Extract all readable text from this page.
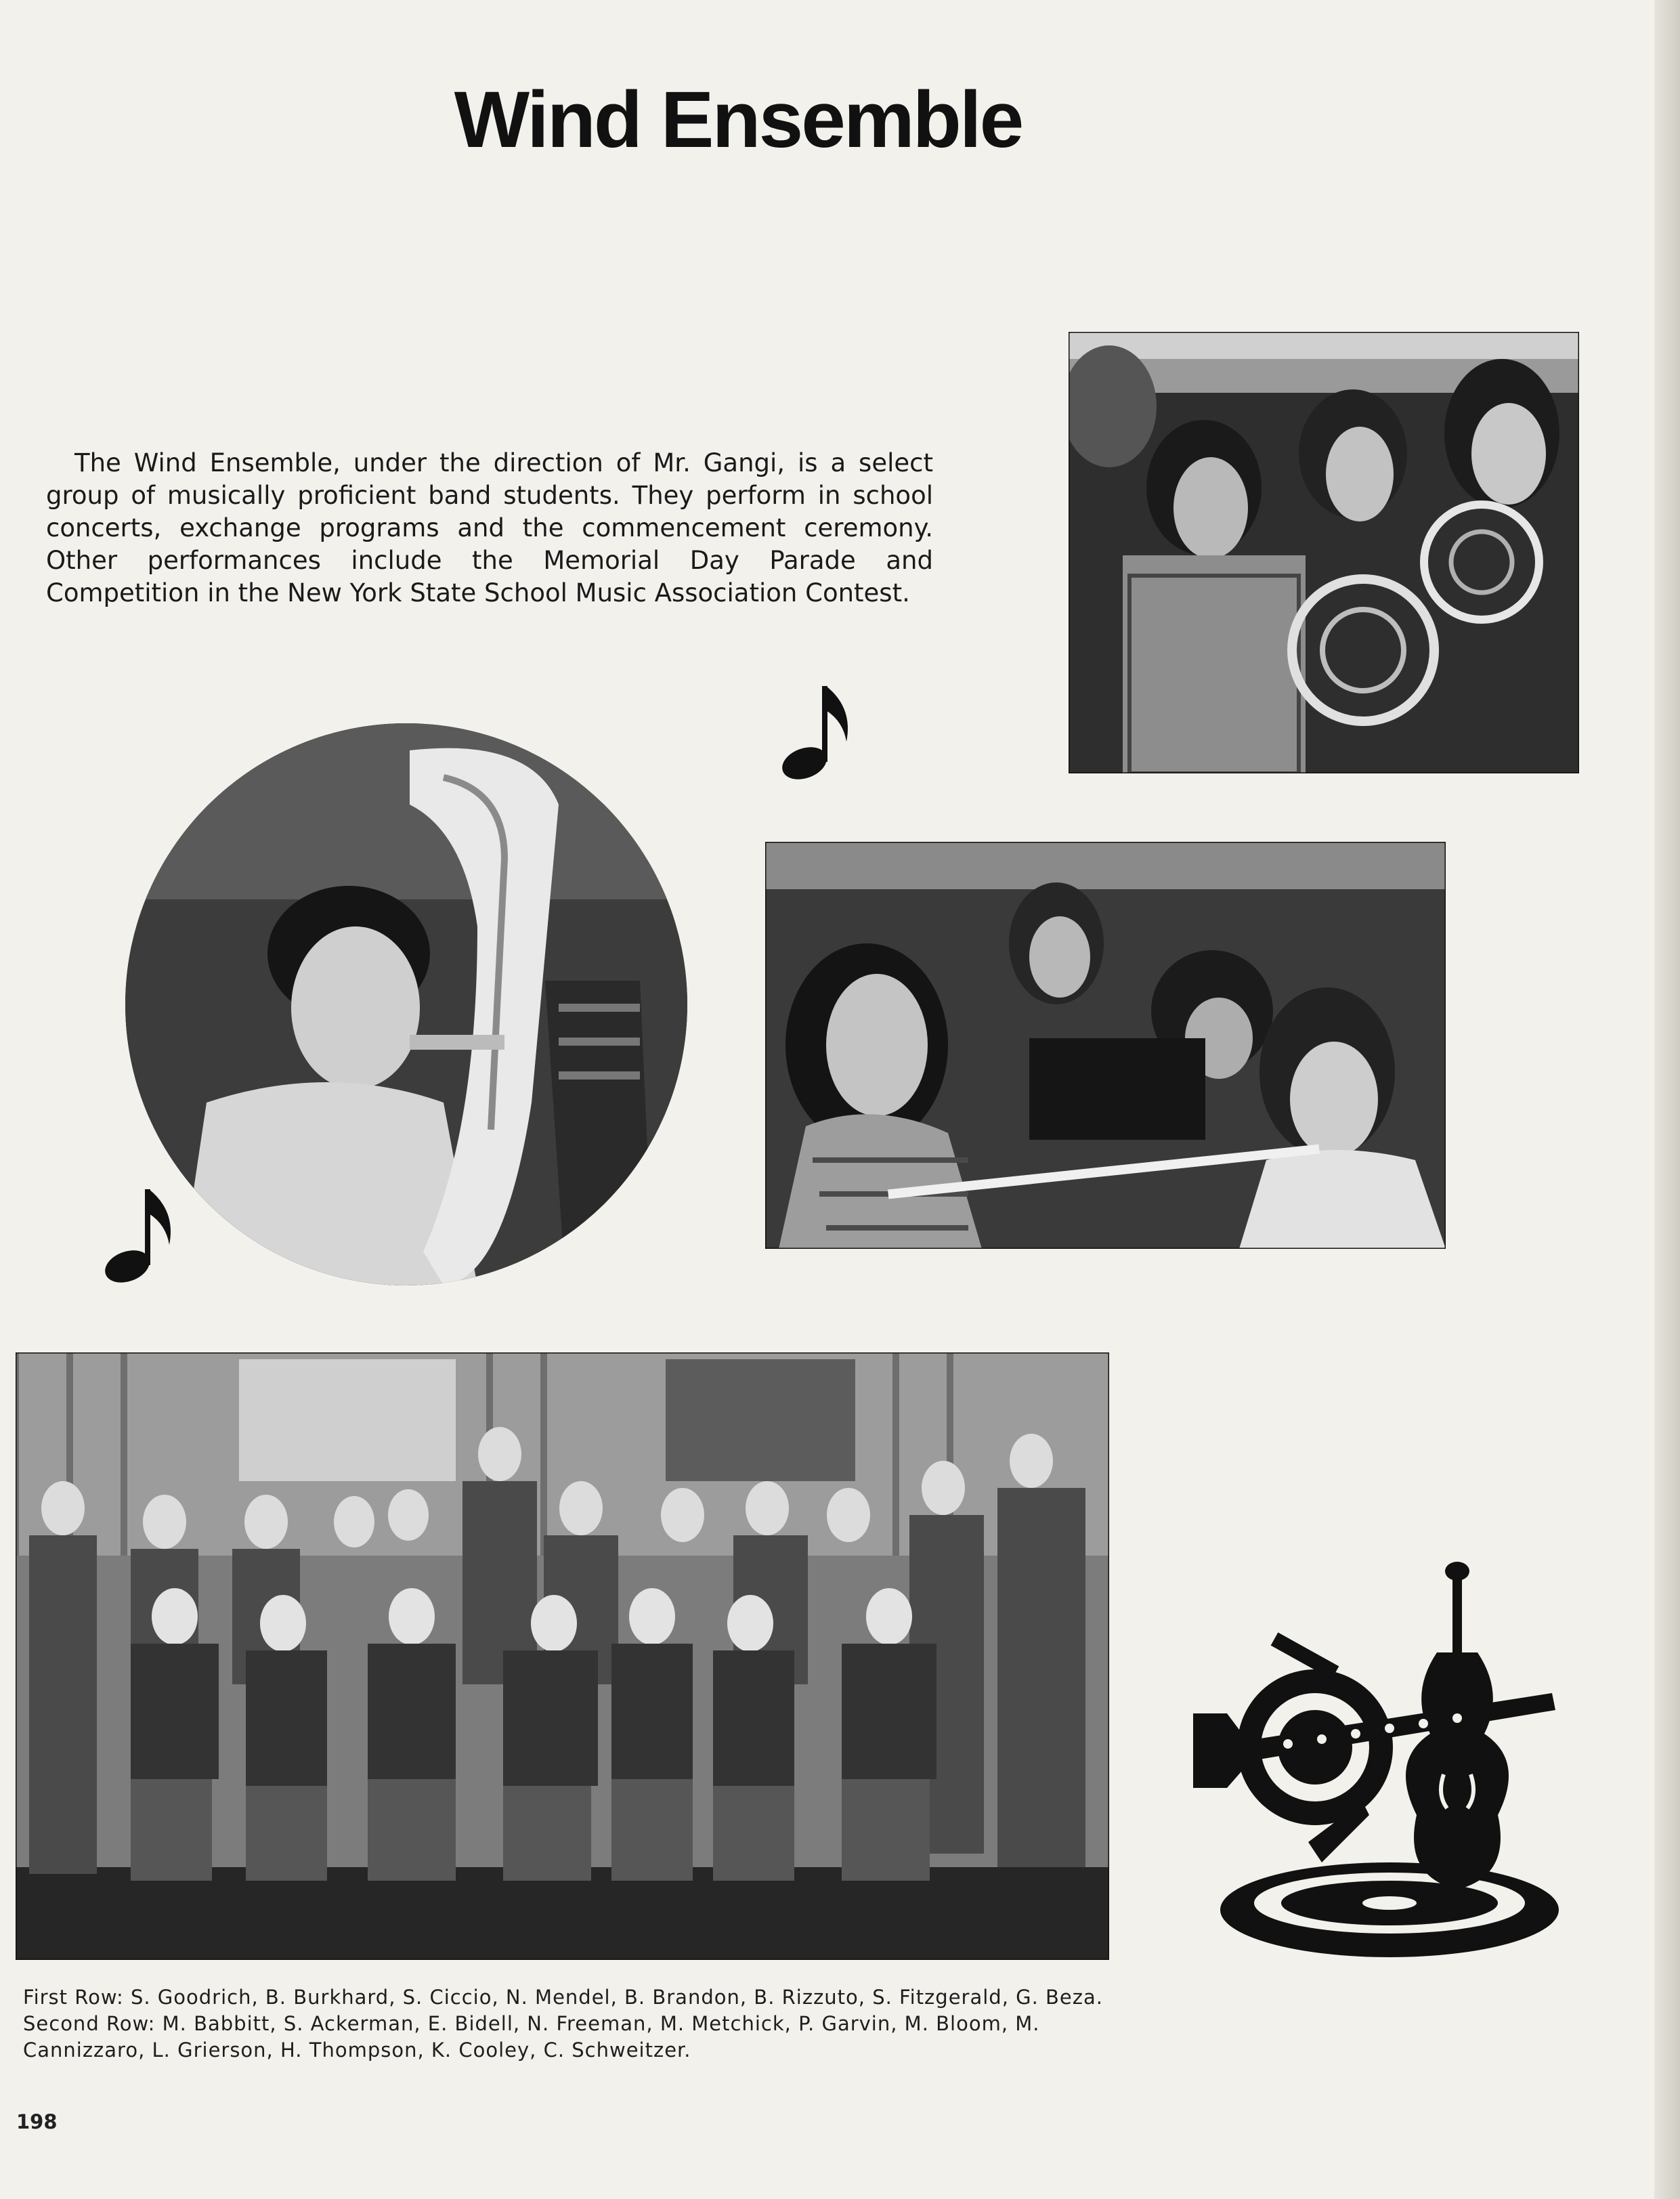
Wind Ensemble

The Wind Ensemble, under the direction of Mr. Gangi, is a select group of musically proficient band students. They perform in school concerts, exchange programs and the commencement ceremony. Other performances include the Memorial Day Parade and Competition in the New York State School Music Association Contest.

First Row: S. Goodrich, B. Burkhard, S. Ciccio, N. Mendel, B. Brandon, B. Rizzuto, S. Fitzgerald, G. Beza. Second Row: M. Babbitt, S. Ackerman, E. Bidell, N. Freeman, M. Metchick, P. Garvin, M. Bloom, M. Cannizzaro, L. Grierson, H. Thompson, K. Cooley, C. Schweitzer.

198
